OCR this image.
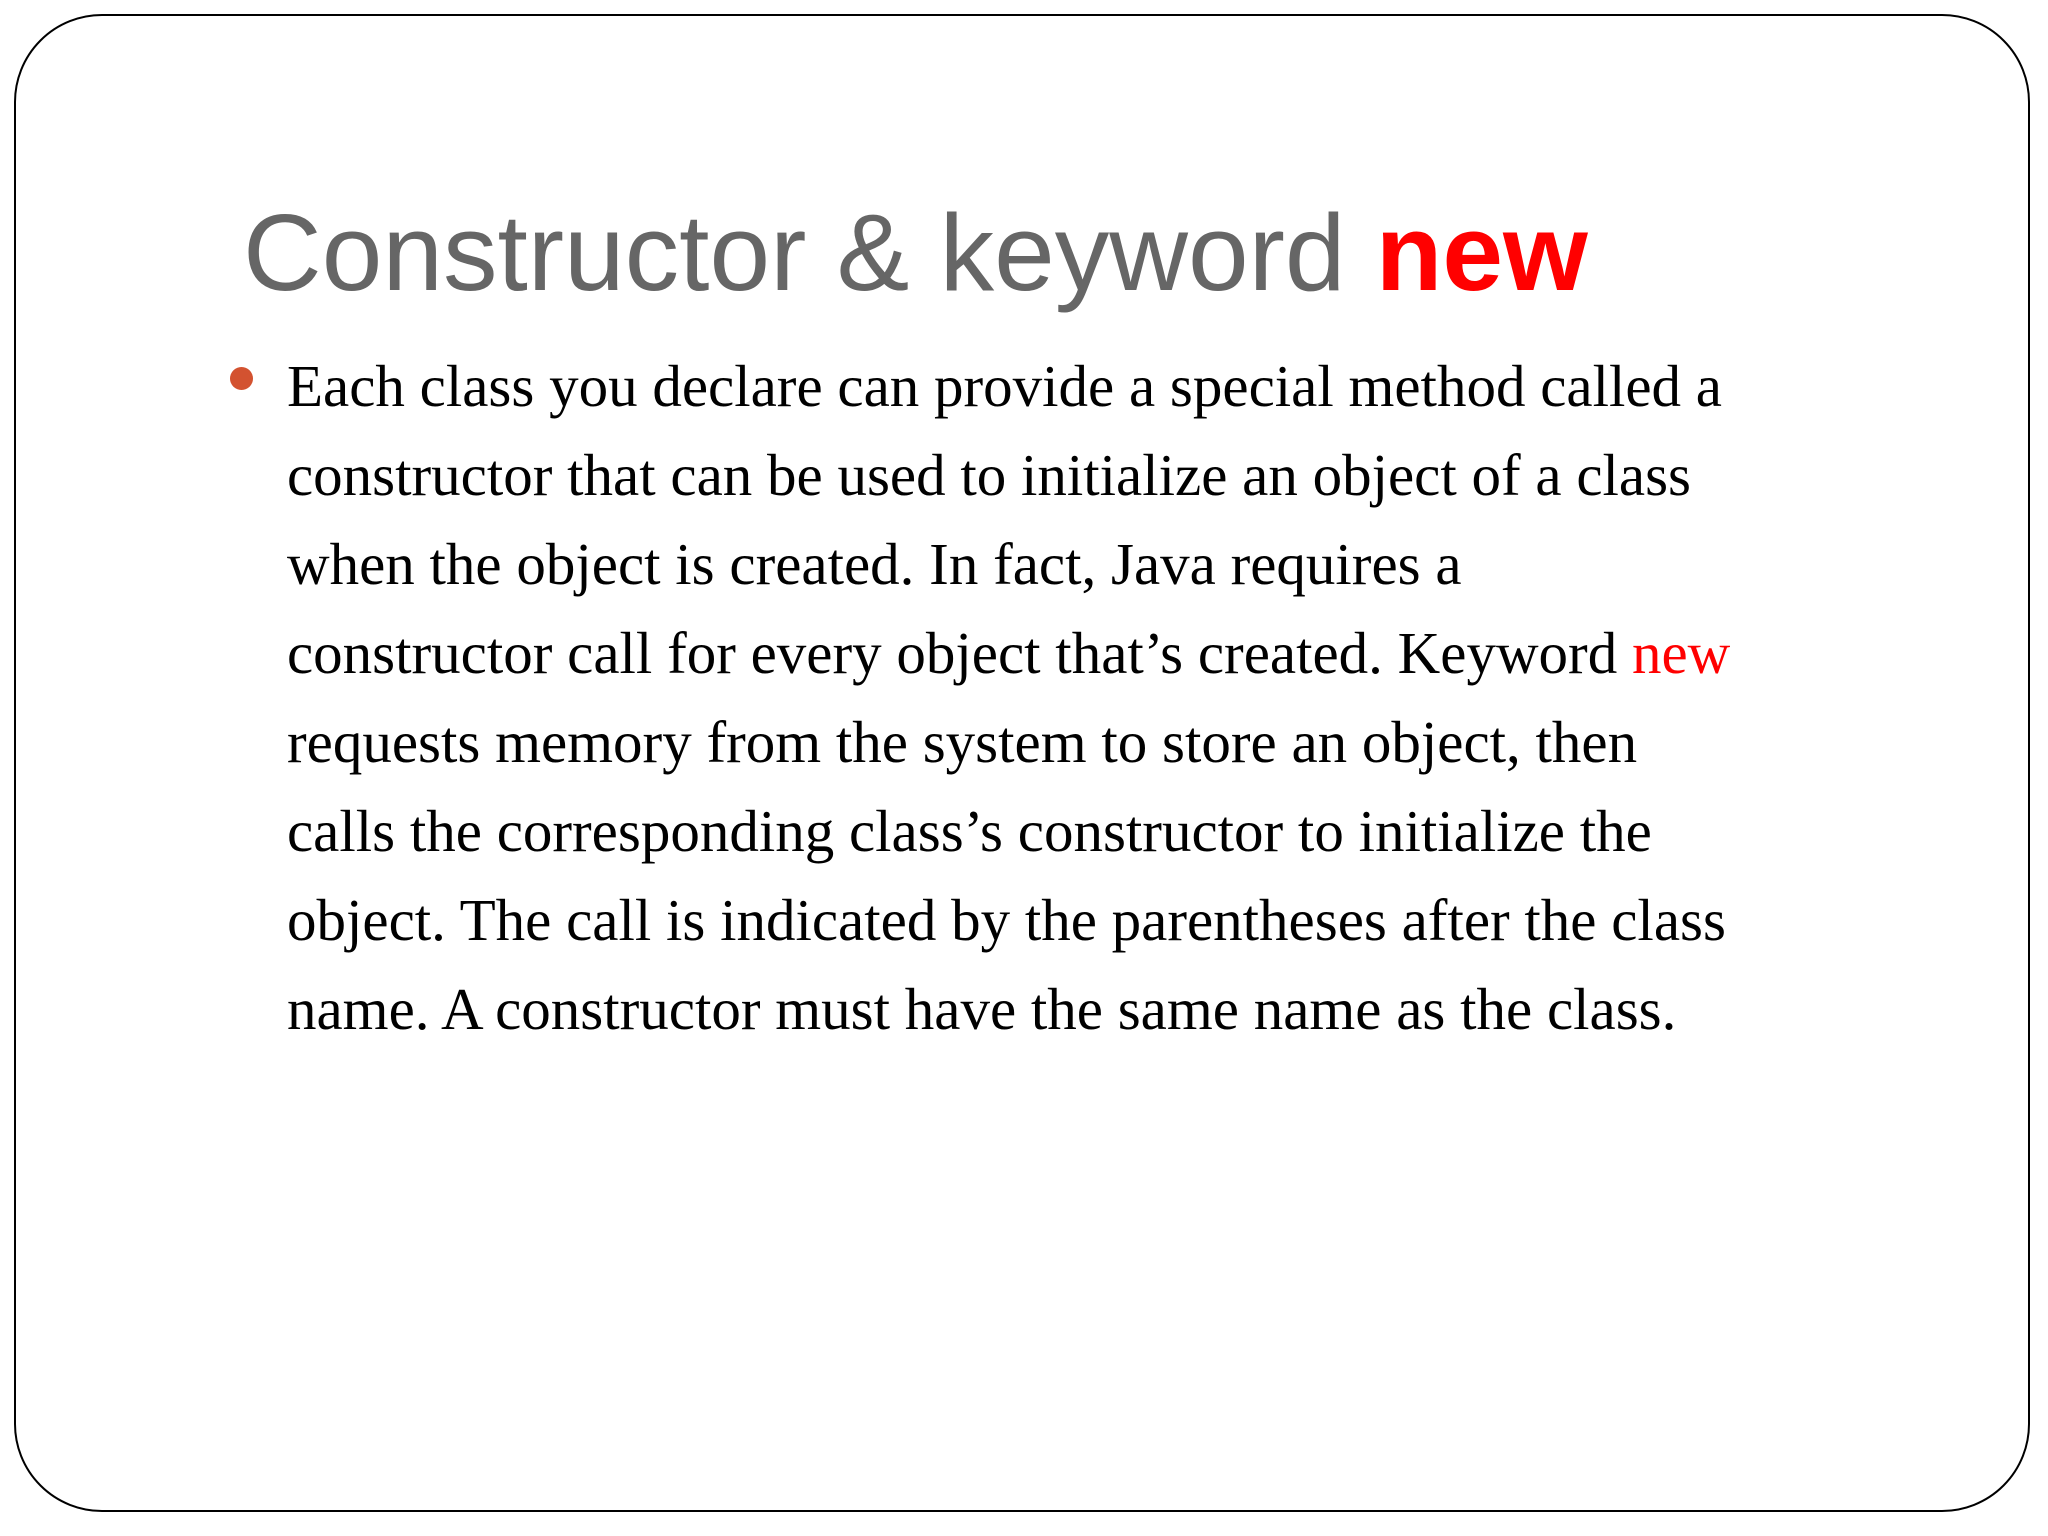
Constructor & keyword new

Each class you declare can provide a special method called a
constructor that can be used to initialize an object of a class
when the object is created. In fact, Java requires a
constructor call for every object that’s created. Keyword new
requests memory from the system to store an object, then
calls the corresponding class’s constructor to initialize the
object. The call is indicated by the parentheses after the class
name. A constructor must have the same name as the class.
